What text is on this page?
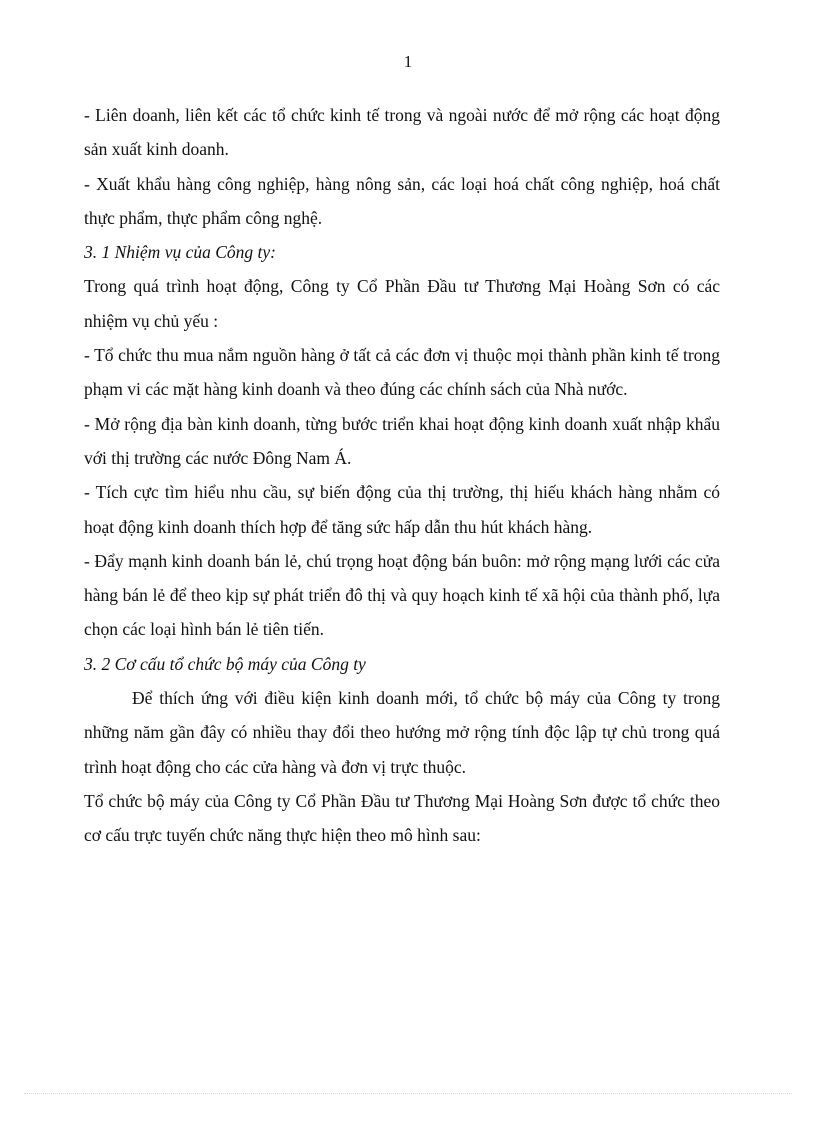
1

- Liên doanh, liên kết các tổ chức kinh tế trong và ngoài nước để mở rộng các hoạt động sản xuất kinh doanh.

- Xuất khẩu hàng công nghiệp, hàng nông sản, các loại hoá chất công nghiệp, hoá chất thực phẩm, thực phẩm công nghệ.

3. 1 Nhiệm vụ của Công ty:

Trong quá trình hoạt động, Công ty Cổ Phần Đầu tư Thương Mại Hoàng Sơn có các nhiệm vụ chủ yếu :

- Tổ chức thu mua nắm nguồn hàng ở tất cả các đơn vị thuộc mọi thành phần kinh tế trong phạm vi các mặt hàng kinh doanh và theo đúng các chính sách của Nhà nước.

- Mở rộng địa bàn kinh doanh, từng bước triển khai hoạt động kinh doanh xuất nhập khẩu với thị trường các nước Đông Nam Á.

- Tích cực tìm hiểu nhu cầu, sự biến động của thị trường, thị hiếu khách hàng nhằm có hoạt động kinh doanh thích hợp để tăng sức hấp dẫn thu hút khách hàng.

- Đẩy mạnh kinh doanh bán lẻ, chú trọng hoạt động bán buôn: mở rộng mạng lưới các cửa hàng bán lẻ để theo kịp sự phát triển đô thị và quy hoạch kinh tế xã hội của thành phố, lựa chọn các loại hình bán lẻ tiên tiến.

3. 2 Cơ cấu tổ chức bộ máy của Công ty

Để thích ứng với điều kiện kinh doanh mới, tổ chức bộ máy của Công ty trong những năm gần đây có nhiều thay đổi theo hướng mở rộng tính độc lập tự chủ trong quá trình hoạt động cho các cửa hàng và đơn vị trực thuộc.

Tổ chức bộ máy của Công ty Cổ Phần Đầu tư Thương Mại Hoàng Sơn được tổ chức theo cơ cấu trực tuyến chức năng thực hiện theo mô hình sau:
